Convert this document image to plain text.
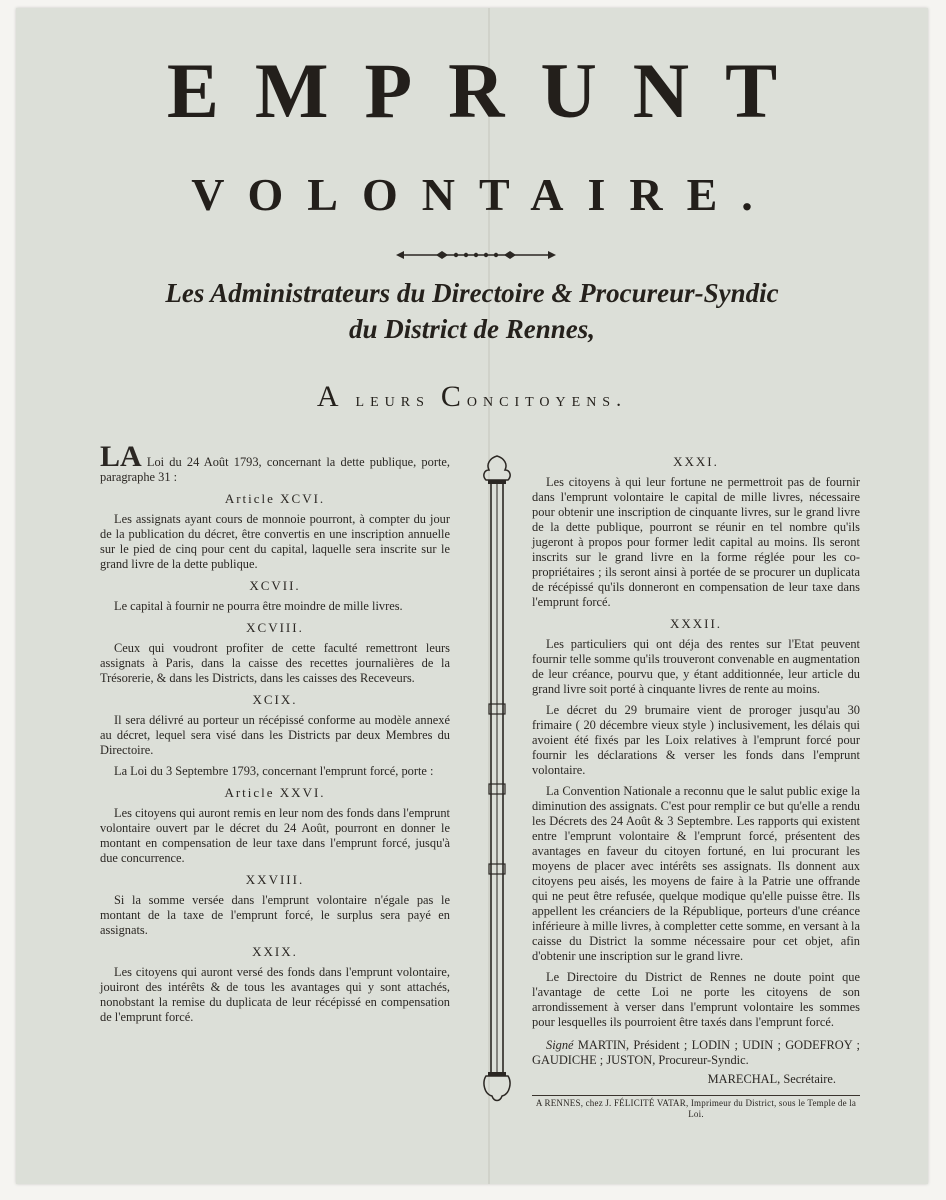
EMPRUNT
VOLONTAIRE.
Les Administrateurs du Directoire & Procureur-Syndic
du District de Rennes,
A leurs Concitoyens.

LA Loi du 24 Août 1793, concernant la dette publique, porte, paragraphe 31 :

Article XCVI.

Les assignats ayant cours de monnoie pourront, à compter du jour de la publication du décret, être convertis en une inscription annuelle sur le pied de cinq pour cent du capital, laquelle sera inscrite sur le grand livre de la dette publique.

XCVII.

Le capital à fournir ne pourra être moindre de mille livres.

XCVIII.

Ceux qui voudront profiter de cette faculté remettront leurs assignats à Paris, dans la caisse des recettes journalières de la Trésorerie, & dans les Districts, dans les caisses des Receveurs.

XCIX.

Il sera délivré au porteur un récépissé conforme au modèle annexé au décret, lequel sera visé dans les Districts par deux Membres du Directoire.

La Loi du 3 Septembre 1793, concernant l'emprunt forcé, porte :

Article XXVI.

Les citoyens qui auront remis en leur nom des fonds dans l'emprunt volontaire ouvert par le décret du 24 Août, pourront en donner le montant en compensation de leur taxe dans l'emprunt forcé, jusqu'à due concurrence.

XXVIII.

Si la somme versée dans l'emprunt volontaire n'égale pas le montant de la taxe de l'emprunt forcé, le surplus sera payé en assignats.

XXIX.

Les citoyens qui auront versé des fonds dans l'emprunt volontaire, jouiront des intérêts & de tous les avantages qui y sont attachés, nonobstant la remise du duplicata de leur récépissé en compensation de l'emprunt forcé.

XXXI.

Les citoyens à qui leur fortune ne permettroit pas de fournir dans l'emprunt volontaire le capital de mille livres, nécessaire pour obtenir une inscription de cinquante livres, sur le grand livre de la dette publique, pourront se réunir en tel nombre qu'ils jugeront à propos pour former ledit capital au moins. Ils seront inscrits sur le grand livre en la forme réglée pour les co-propriétaires ; ils seront ainsi à portée de se procurer un duplicata de récépissé qu'ils donneront en compensation de leur taxe dans l'emprunt forcé.

XXXII.

Les particuliers qui ont déja des rentes sur l'Etat peuvent fournir telle somme qu'ils trouveront convenable en augmentation de leur créance, pourvu que, y étant additionnée, leur article du grand livre soit porté à cinquante livres de rente au moins.

Le décret du 29 brumaire vient de proroger jusqu'au 30 frimaire ( 20 décembre vieux style ) inclusivement, les délais qui avoient été fixés par les Loix relatives à l'emprunt forcé pour fournir les déclarations & verser les fonds dans l'emprunt volontaire.

La Convention Nationale a reconnu que le salut public exige la diminution des assignats. C'est pour remplir ce but qu'elle a rendu les Décrets des 24 Août & 3 Septembre. Les rapports qui existent entre l'emprunt volontaire & l'emprunt forcé, présentent des avantages en faveur du citoyen fortuné, en lui procurant les moyens de placer avec intérêts ses assignats. Ils donnent aux citoyens peu aisés, les moyens de faire à la Patrie une offrande qui ne peut être refusée, quelque modique qu'elle puisse être. Ils appellent les créanciers de la République, porteurs d'une créance inférieure à mille livres, à completter cette somme, en versant à la caisse du District la somme nécessaire pour cet objet, afin d'obtenir une inscription sur le grand livre.

Le Directoire du District de Rennes ne doute point que l'avantage de cette Loi ne porte les citoyens de son arrondissement à verser dans l'emprunt volontaire les sommes pour lesquelles ils pourroient être taxés dans l'emprunt forcé.

Signé MARTIN, Président ; LODIN ; UDIN ; GODEFROY ; GAUDICHE ; JUSTON, Procureur-Syndic.

MARECHAL, Secrétaire.
A RENNES, chez J. FÉLICITÉ VATAR, Imprimeur du District, sous le Temple de la Loi.
